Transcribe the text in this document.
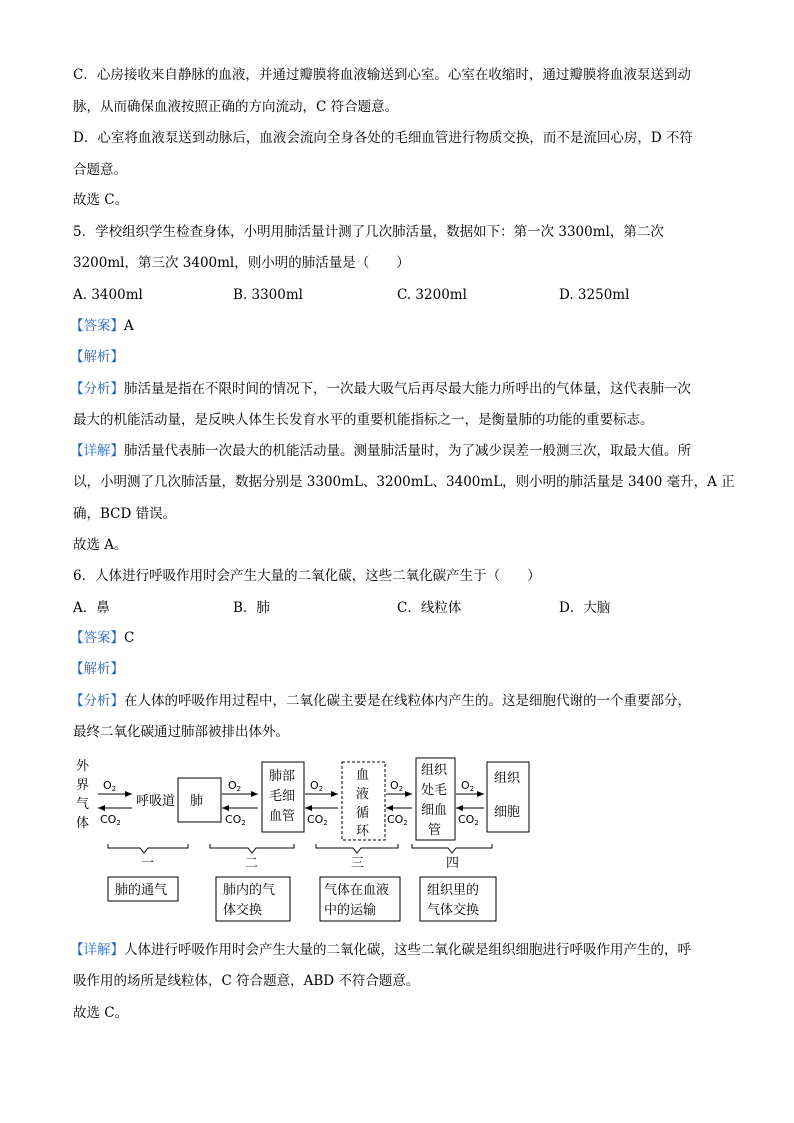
C．心房接收来自静脉的血液，并通过瓣膜将血液输送到心室。心室在收缩时，通过瓣膜将血液泵送到动
脉，从而确保血液按照正确的方向流动，C 符合题意。
D．心室将血液泵送到动脉后，血液会流向全身各处的毛细血管进行物质交换，而不是流回心房，D 不符
合题意。
故选 C。
5．学校组织学生检查身体，小明用肺活量计测了几次肺活量，数据如下：第一次 3300ml，第二次
3200ml，第三次 3400ml，则小明的肺活量是（　　）
A. 3400ml	B. 3300ml	C. 3200ml	D. 3250ml
【答案】A
【解析】
【分析】肺活量是指在不限时间的情况下，一次最大吸气后再尽最大能力所呼出的气体量，这代表肺一次
最大的机能活动量，是反映人体生长发育水平的重要机能指标之一，是衡量肺的功能的重要标志。
【详解】肺活量代表肺一次最大的机能活动量。测量肺活量时，为了减少误差一般测三次，取最大值。所
以，小明测了几次肺活量，数据分别是 3300mL、3200mL、3400mL，则小明的肺活量是 3400 毫升，A 正
确，BCD 错误。
故选 A。
6．人体进行呼吸作用时会产生大量的二氧化碳，这些二氧化碳产生于（　　）
A．鼻	B．肺	C．线粒体	D．大脑
【答案】C
【解析】
【分析】在人体的呼吸作用过程中，二氧化碳主要是在线粒体内产生的。这是细胞代谢的一个重要部分，
最终二氧化碳通过肺部被排出体外。
外
界
气
体
O2
CO2
呼吸道 肺
O2
CO2
肺部
毛细
血管
O2
CO2
血
液
循
环
O2
CO2
组织
处毛
细血
管
O2
CO2
组织
细胞
一	二	三	四
肺的通气	肺内的气
体交换
气体在血液
中的运输
组织里的
气体交换
【详解】人体进行呼吸作用时会产生大量的二氧化碳，这些二氧化碳是组织细胞进行呼吸作用产生的，呼
吸作用的场所是线粒体，C 符合题意，ABD 不符合题意。
故选 C。
